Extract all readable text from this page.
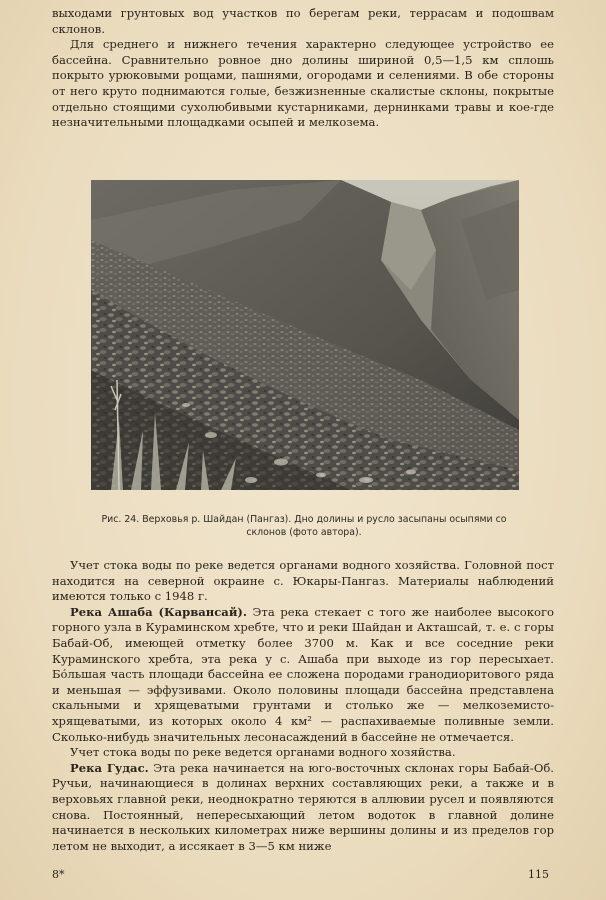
выходами грунтовых вод участков по берегам реки, террасам и подошвам склонов.

Для среднего и нижнего течения характерно следующее устройство ее бассейна. Сравнительно ровное дно долины шириной 0,5—1,5 км сплошь покрыто урюковыми рощами, пашнями, огородами и селениями. В обе стороны от него круто поднимаются голые, безжизненные скалистые склоны, покрытые отдельно стоящими сухолюбивыми кустарниками, дернинками травы и кое-где незначительными площадками осыпей и мелкозема.

Рис. 24. Верховья р. Шайдан (Пангаз). Дно долины и русло засыпаны осыпями со склонов (фото автора).

Учет стока воды по реке ведется органами водного хозяйства. Головной пост находится на северной окраине с. Юкары-Пангаз. Материалы наблюдений имеются только с 1948 г.

Река Ашаба (Карвансай). Эта река стекает с того же наиболее высокого горного узла в Кураминском хребте, что и реки Шайдан и Акташсай, т. е. с горы Бабай-Об, имеющей отметку более 3700 м. Как и все соседние реки Кураминского хребта, эта река у с. Ашаба при выходе из гор пересыхает. Бо́льшая часть площади бассейна ее сложена породами гранодиоритового ряда и меньшая — эффузивами. Около половины площади бассейна представлена скальными и хрящеватыми грунтами и столько же — мелкоземисто-хрящеватыми, из которых около 4 км² — распахиваемые поливные земли. Сколько-нибудь значительных лесонасаждений в бассейне не отмечается.

Учет стока воды по реке ведется органами водного хозяйства.

Река Гудас. Эта река начинается на юго-восточных склонах горы Бабай-Об. Ручьи, начинающиеся в долинах верхних составляющих реки, а также и в верховьях главной реки, неоднократно теряются в аллювии русел и появляются снова. Постоянный, непересыхающий летом водоток в главной долине начинается в нескольких километрах ниже вершины долины и из пределов гор летом не выходит, а иссякает в 3—5 км ниже

8*	115
